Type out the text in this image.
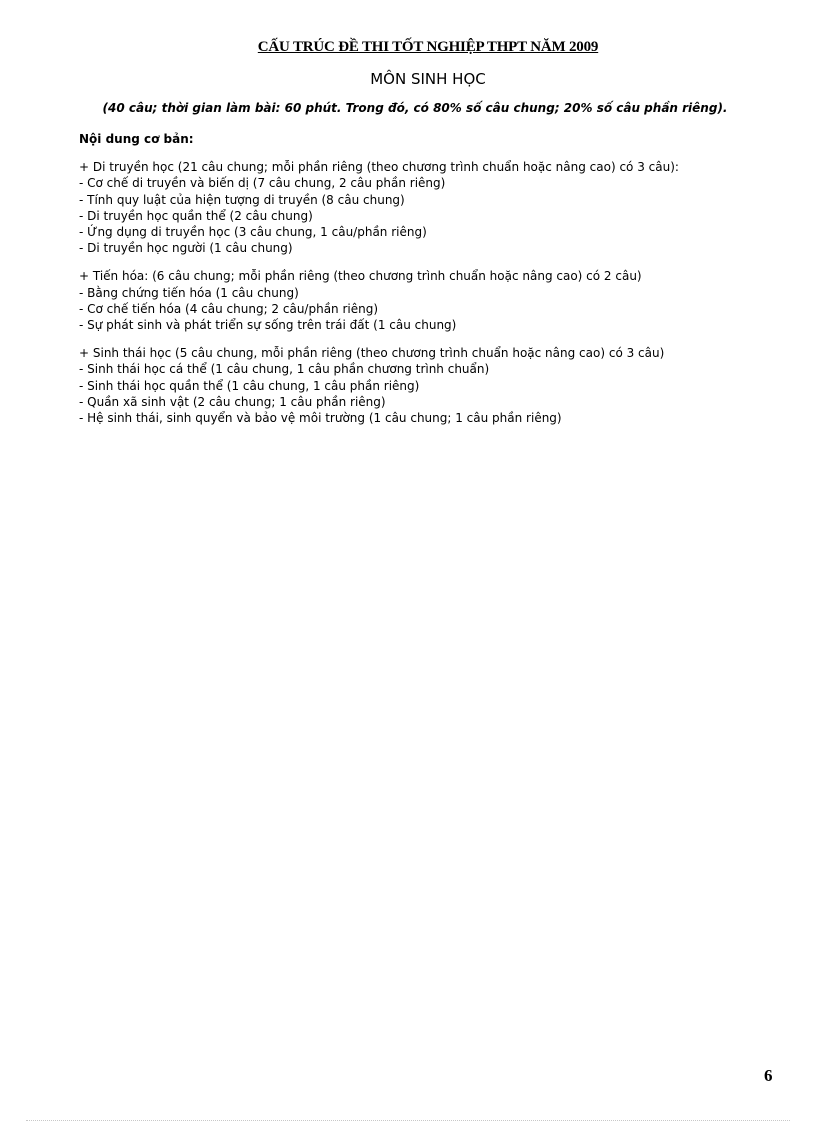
CẤU TRÚC ĐỀ THI TỐT NGHIỆP THPT NĂM 2009
MÔN SINH HỌC
(40 câu; thời gian làm bài: 60 phút. Trong đó, có 80% số câu chung; 20% số câu phần riêng).
Nội dung cơ bản:
+ Di truyền học (21 câu chung; mỗi phần riêng (theo chương trình chuẩn hoặc nâng cao) có 3 câu):
- Cơ chế di truyền và biến dị (7 câu chung, 2 câu phần riêng)
- Tính quy luật của hiện tượng di truyền (8 câu chung)
- Di truyền học quần thể (2 câu chung)
- Ứng dụng di truyền học (3 câu chung, 1 câu/phần riêng)
- Di truyền học người (1 câu chung)
+ Tiến hóa: (6 câu chung; mỗi phần riêng (theo chương trình chuẩn hoặc nâng cao) có 2 câu)
- Bằng chứng tiến hóa (1 câu chung)
- Cơ chế tiến hóa (4 câu chung; 2 câu/phần riêng)
- Sự phát sinh và phát triển sự sống trên trái đất (1 câu chung)
+ Sinh thái học (5 câu chung, mỗi phần riêng (theo chương trình chuẩn hoặc nâng cao) có 3 câu)
- Sinh thái học cá thể (1 câu chung, 1 câu phần chương trình chuẩn)
- Sinh thái học quần thể (1 câu chung, 1 câu phần riêng)
- Quần xã sinh vật (2 câu chung; 1 câu phần riêng)
- Hệ sinh thái, sinh quyển và bảo vệ môi trường (1 câu chung; 1 câu phần riêng)
6
